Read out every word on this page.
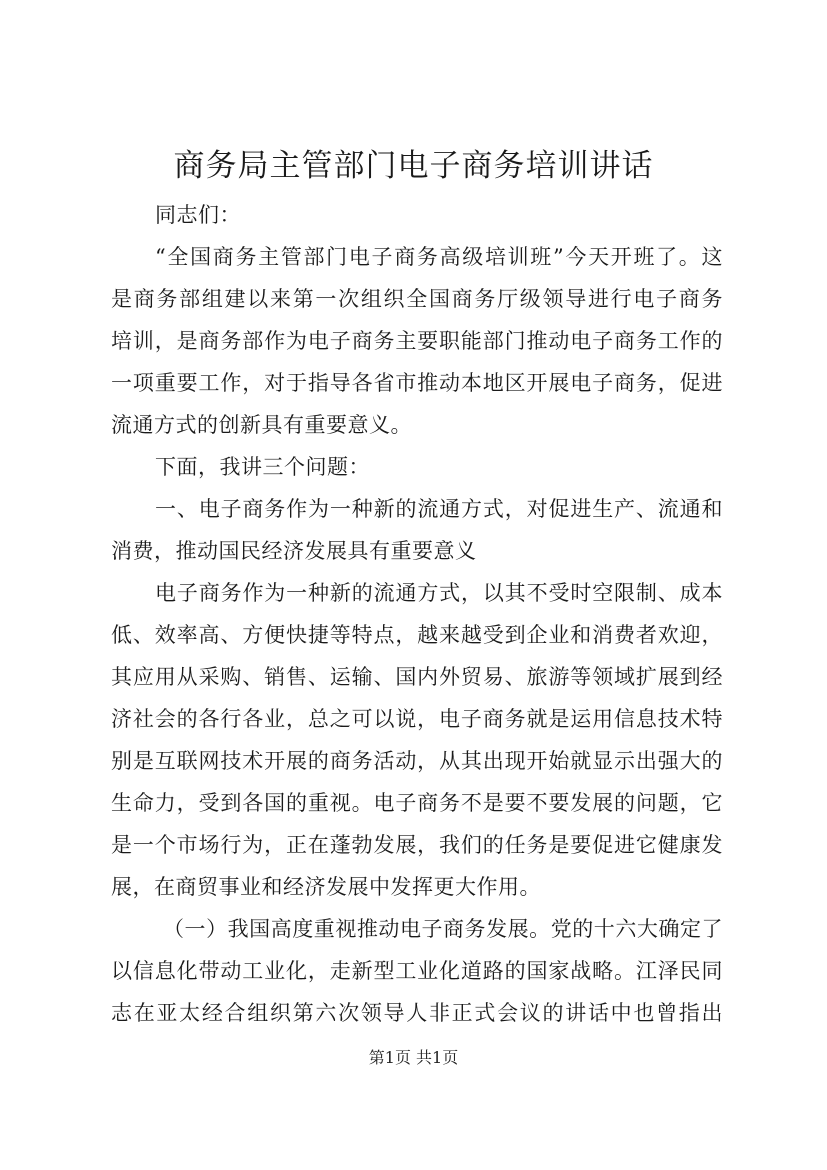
商务局主管部门电子商务培训讲话
同志们：
“全国商务主管部门电子商务高级培训班”今天开班了。这
是商务部组建以来第一次组织全国商务厅级领导进行电子商务
培训，是商务部作为电子商务主要职能部门推动电子商务工作的
一项重要工作，对于指导各省市推动本地区开展电子商务，促进
流通方式的创新具有重要意义。
下面，我讲三个问题：
一、电子商务作为一种新的流通方式，对促进生产、流通和
消费，推动国民经济发展具有重要意义
电子商务作为一种新的流通方式，以其不受时空限制、成本
低、效率高、方便快捷等特点，越来越受到企业和消费者欢迎，
其应用从采购、销售、运输、国内外贸易、旅游等领域扩展到经
济社会的各行各业，总之可以说，电子商务就是运用信息技术特
别是互联网技术开展的商务活动，从其出现开始就显示出强大的
生命力，受到各国的重视。电子商务不是要不要发展的问题，它
是一个市场行为，正在蓬勃发展，我们的任务是要促进它健康发
展，在商贸事业和经济发展中发挥更大作用。
（一）我国高度重视推动电子商务发展。党的十六大确定了
以信息化带动工业化，走新型工业化道路的国家战略。江泽民同
志在亚太经合组织第六次领导人非正式会议的讲话中也曾指出
第1页 共1页
